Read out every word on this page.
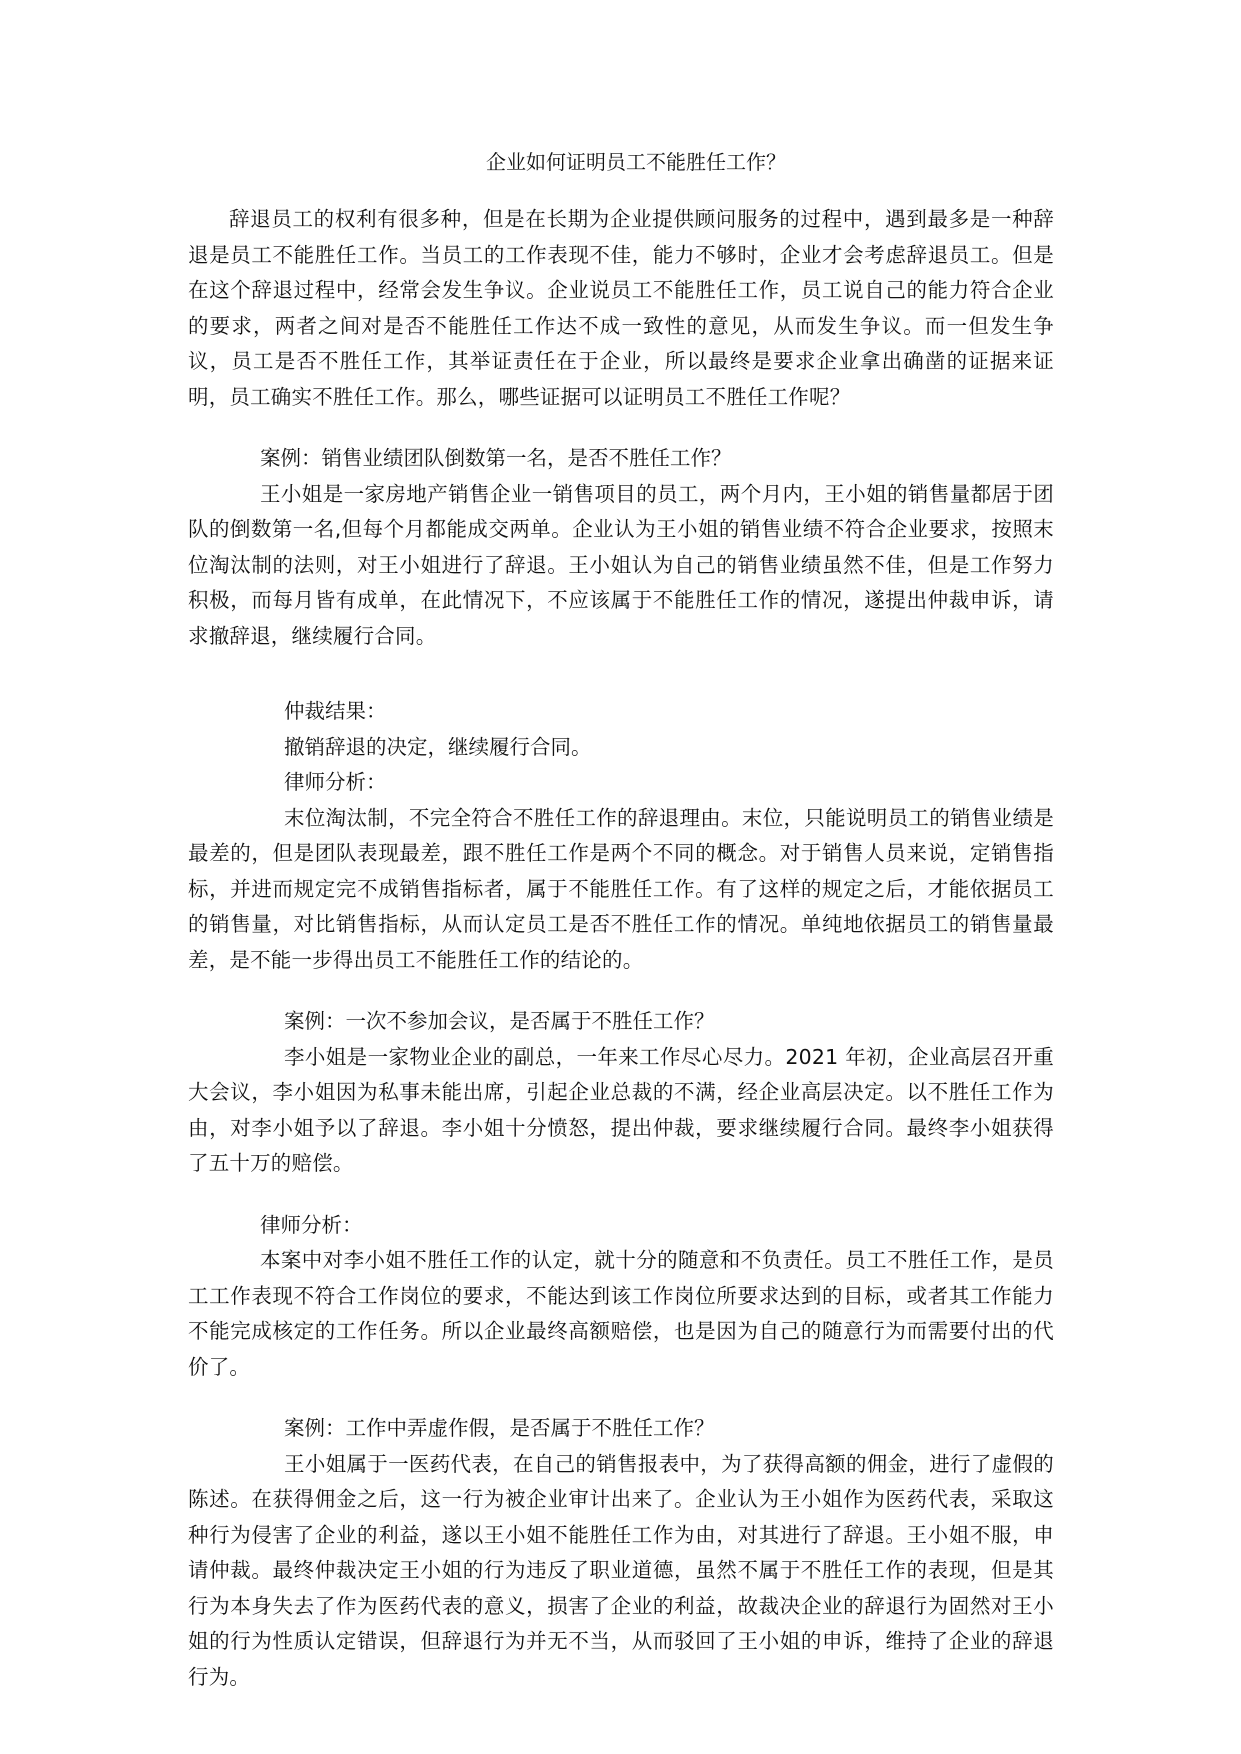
企业如何证明员工不能胜任工作？

辞退员工的权利有很多种，但是在长期为企业提供顾问服务的过程中，遇到最多是一种辞退是员工不能胜任工作。当员工的工作表现不佳，能力不够时，企业才会考虑辞退员工。但是在这个辞退过程中，经常会发生争议。企业说员工不能胜任工作，员工说自己的能力符合企业的要求，两者之间对是否不能胜任工作达不成一致性的意见，从而发生争议。而一但发生争议，员工是否不胜任工作，其举证责任在于企业，所以最终是要求企业拿出确凿的证据来证明，员工确实不胜任工作。那么，哪些证据可以证明员工不胜任工作呢？

案例：销售业绩团队倒数第一名，是否不胜任工作？

王小姐是一家房地产销售企业一销售项目的员工，两个月内，王小姐的销售量都居于团队的倒数第一名,但每个月都能成交两单。企业认为王小姐的销售业绩不符合企业要求，按照末位淘汰制的法则，对王小姐进行了辞退。王小姐认为自己的销售业绩虽然不佳，但是工作努力积极，而每月皆有成单，在此情况下，不应该属于不能胜任工作的情况，遂提出仲裁申诉，请求撤辞退，继续履行合同。

仲裁结果：

撤销辞退的决定，继续履行合同。

律师分析：

末位淘汰制，不完全符合不胜任工作的辞退理由。末位，只能说明员工的销售业绩是最差的，但是团队表现最差，跟不胜任工作是两个不同的概念。对于销售人员来说，定销售指标，并进而规定完不成销售指标者，属于不能胜任工作。有了这样的规定之后，才能依据员工的销售量，对比销售指标，从而认定员工是否不胜任工作的情况。单纯地依据员工的销售量最差，是不能一步得出员工不能胜任工作的结论的。

案例：一次不参加会议，是否属于不胜任工作？

李小姐是一家物业企业的副总，一年来工作尽心尽力。2021 年初，企业高层召开重大会议，李小姐因为私事未能出席，引起企业总裁的不满，经企业高层决定。以不胜任工作为由，对李小姐予以了辞退。李小姐十分愤怒，提出仲裁，要求继续履行合同。最终李小姐获得了五十万的赔偿。

律师分析：

本案中对李小姐不胜任工作的认定，就十分的随意和不负责任。员工不胜任工作，是员工工作表现不符合工作岗位的要求，不能达到该工作岗位所要求达到的目标，或者其工作能力不能完成核定的工作任务。所以企业最终高额赔偿，也是因为自己的随意行为而需要付出的代价了。

案例：工作中弄虚作假，是否属于不胜任工作？

王小姐属于一医药代表，在自己的销售报表中，为了获得高额的佣金，进行了虚假的陈述。在获得佣金之后，这一行为被企业审计出来了。企业认为王小姐作为医药代表，采取这种行为侵害了企业的利益，遂以王小姐不能胜任工作为由，对其进行了辞退。王小姐不服，申请仲裁。最终仲裁决定王小姐的行为违反了职业道德，虽然不属于不胜任工作的表现，但是其行为本身失去了作为医药代表的意义，损害了企业的利益，故裁决企业的辞退行为固然对王小姐的行为性质认定错误，但辞退行为并无不当，从而驳回了王小姐的申诉，维持了企业的辞退行为。
